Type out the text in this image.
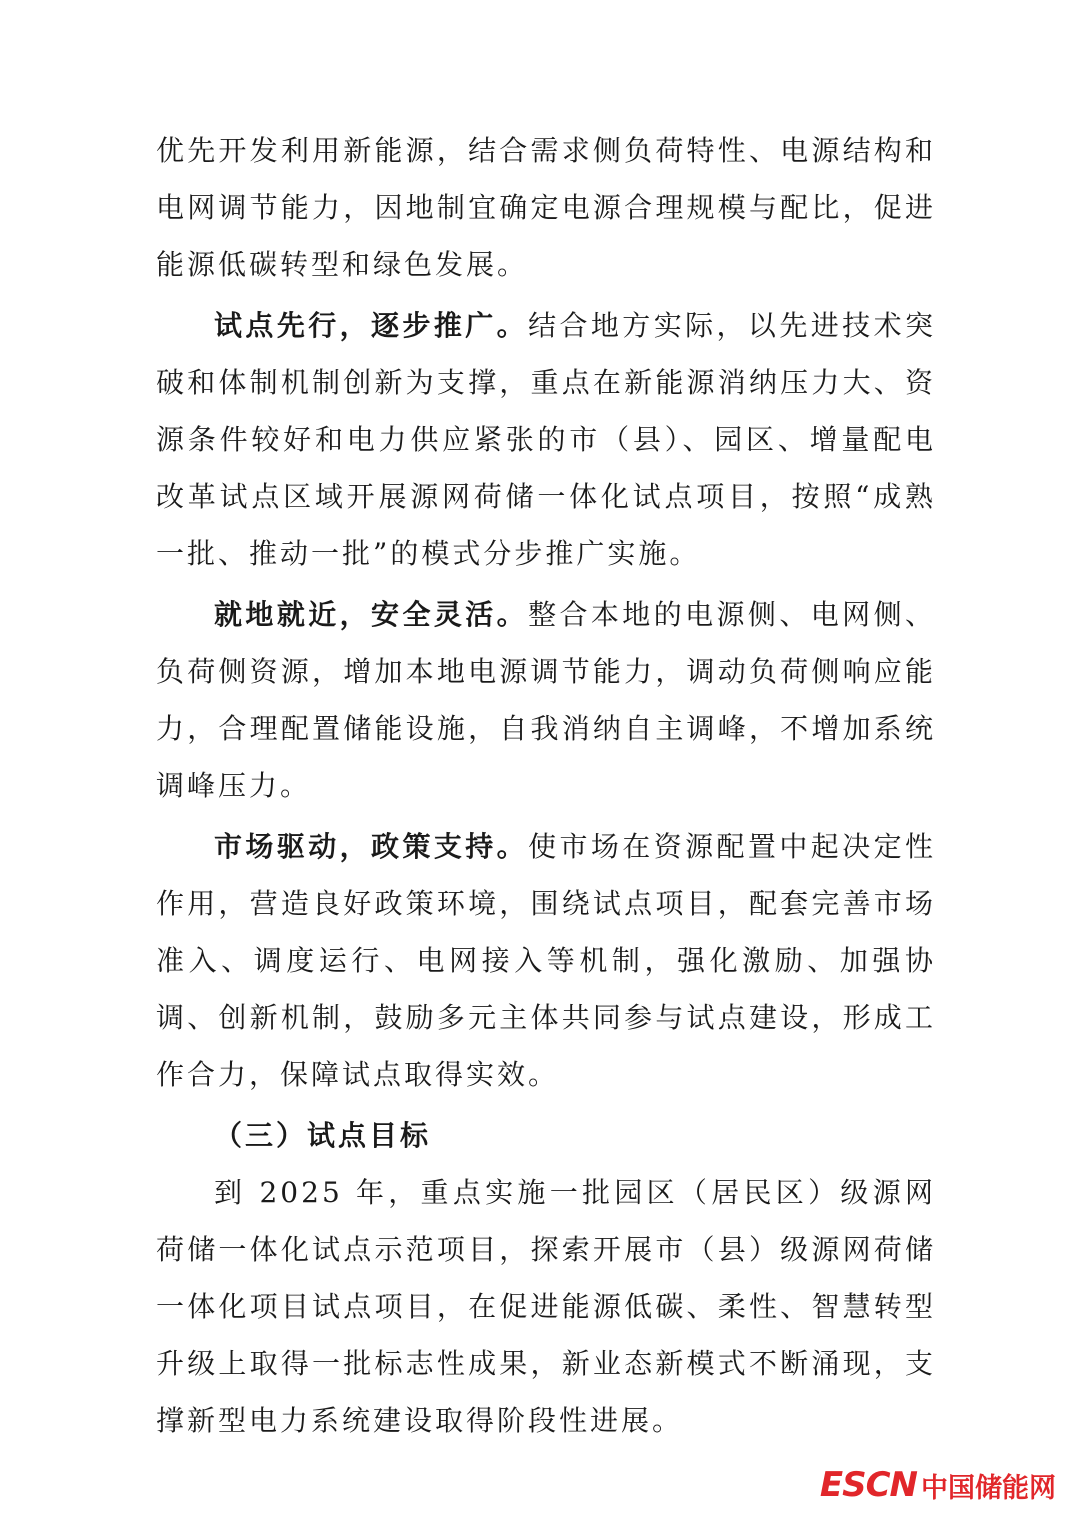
优先开发利用新能源，结合需求侧负荷特性、电源结构和电网调节能力，因地制宜确定电源合理规模与配比，促进能源低碳转型和绿色发展。

试点先行，逐步推广。结合地方实际，以先进技术突破和体制机制创新为支撑，重点在新能源消纳压力大、资源条件较好和电力供应紧张的市（县）、园区、增量配电改革试点区域开展源网荷储一体化试点项目，按照“成熟一批、推动一批”的模式分步推广实施。

就地就近，安全灵活。整合本地的电源侧、电网侧、负荷侧资源，增加本地电源调节能力，调动负荷侧响应能力，合理配置储能设施，自我消纳自主调峰，不增加系统调峰压力。

市场驱动，政策支持。使市场在资源配置中起决定性作用，营造良好政策环境，围绕试点项目，配套完善市场准入、调度运行、电网接入等机制，强化激励、加强协调、创新机制，鼓励多元主体共同参与试点建设，形成工作合力，保障试点取得实效。

（三）试点目标

到 2025 年，重点实施一批园区（居民区）级源网荷储一体化试点示范项目，探索开展市（县）级源网荷储一体化项目试点项目，在促进能源低碳、柔性、智慧转型升级上取得一批标志性成果，新业态新模式不断涌现，支撑新型电力系统建设取得阶段性进展。

ESCN 中国储能网
